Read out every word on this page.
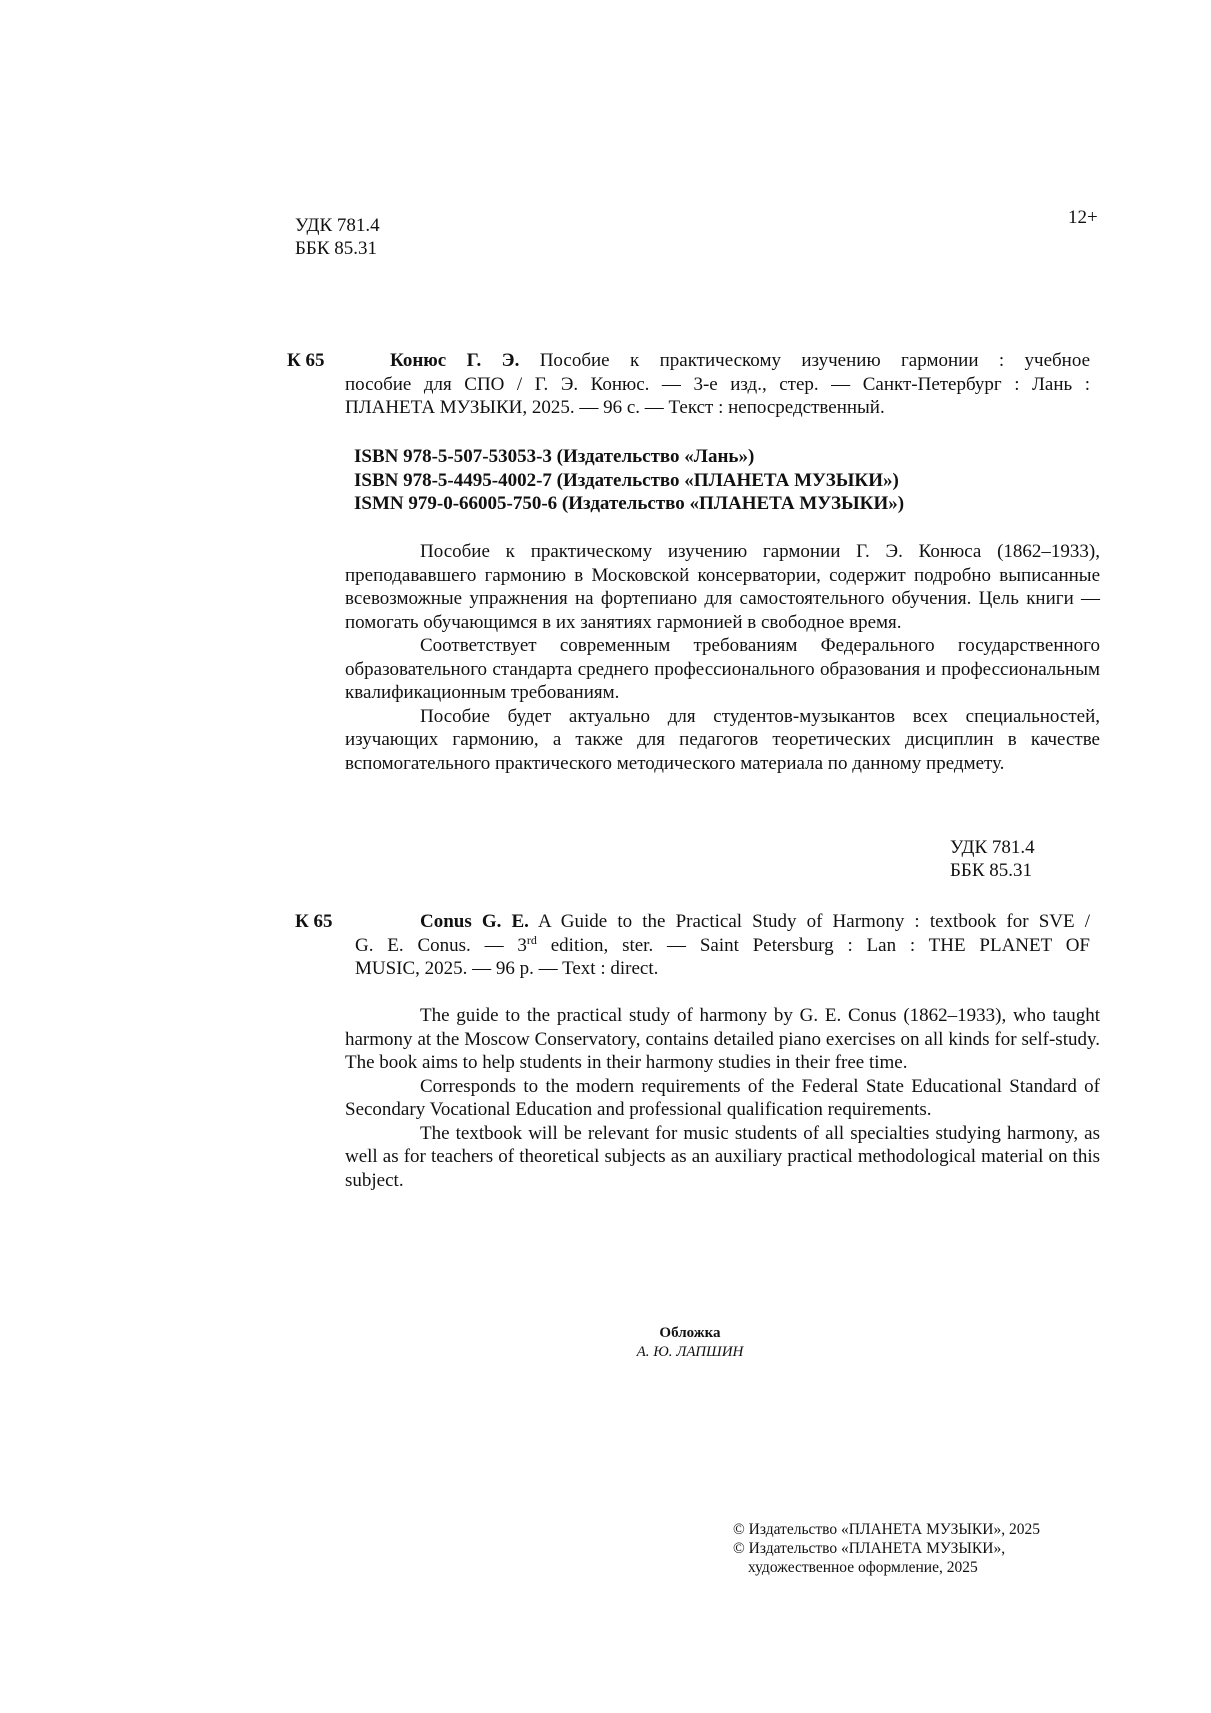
УДК 781.4
ББК 85.31
12+
К 65	Конюс Г. Э. Пособие к практическому изучению гармонии : учебное
пособие для СПО / Г. Э. Конюс. — 3-е изд., стер. — Санкт-Петербург : Лань :
ПЛАНЕТА МУЗЫКИ, 2025. — 96 с. — Текст : непосредственный.
ISBN 978-5-507-53053-3 (Издательство «Лань»)
ISBN 978-5-4495-4002-7 (Издательство «ПЛАНЕТА МУЗЫКИ»)
ISMN 979-0-66005-750-6 (Издательство «ПЛАНЕТА МУЗЫКИ»)

Пособие к практическому изучению гармонии Г. Э. Конюса (1862–1933), преподававшего гармонию в Московской консерватории, содержит подробно выписанные всевозможные упражнения на фортепиано для самостоятельного обучения. Цель книги — помогать обучающимся в их занятиях гармонией в свободное время.

Соответствует современным требованиям Федерального государственного образовательного стандарта среднего профессионального образования и профессиональным квалификационным требованиям.

Пособие будет актуально для студентов-музыкантов всех специальностей, изучающих гармонию, а также для педагогов теоретических дисциплин в качестве вспомогательного практического методического материала по данному предмету.

УДК 781.4
ББК 85.31
К 65	Conus G. E. A Guide to the Practical Study of Harmony : textbook for SVE /
G. E. Conus. — 3rd edition, ster. — Saint Petersburg : Lan : THE PLANET OF
MUSIC, 2025. — 96 p. — Text : direct.

The guide to the practical study of harmony by G. E. Conus (1862–1933), who taught harmony at the Moscow Conservatory, contains detailed piano exercises on all kinds for self-study. The book aims to help students in their harmony studies in their free time.

Corresponds to the modern requirements of the Federal State Educational Standard of Secondary Vocational Education and professional qualification requirements.

The textbook will be relevant for music students of all specialties studying harmony, as well as for teachers of theoretical subjects as an auxiliary practical methodological material on this subject.

Обложка
А. Ю. ЛАПШИН
© Издательство «ПЛАНЕТА МУЗЫКИ», 2025
© Издательство «ПЛАНЕТА МУЗЫКИ»,
художественное оформление, 2025
